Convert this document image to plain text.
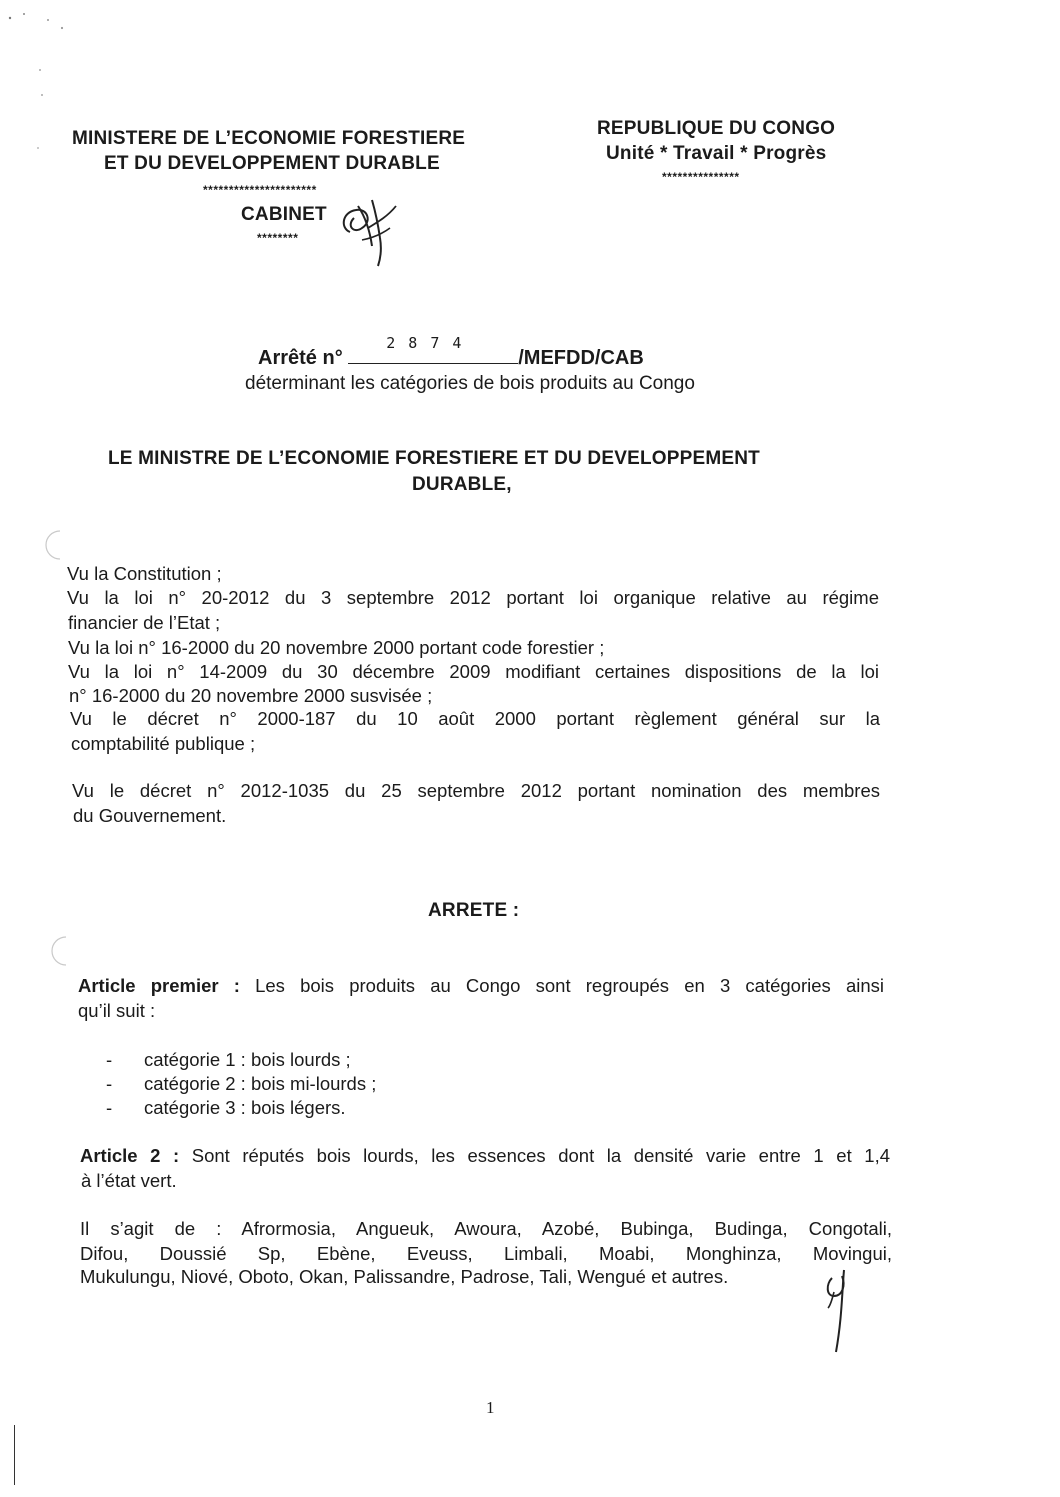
MINISTERE DE L’ECONOMIE FORESTIERE
ET DU DEVELOPPEMENT DURABLE
**********************
CABINET
********
REPUBLIQUE DU CONGO
Unité * Travail * Progrès
***************
Arrêté n°
2 8 7 4
/MEFDD/CAB
déterminant les catégories de bois produits au Congo
LE MINISTRE DE L’ECONOMIE FORESTIERE ET DU DEVELOPPEMENT
DURABLE,
Vu la Constitution ;
Vu la loi n° 20-2012 du 3 septembre 2012 portant loi organique relative au régime
financier de l’Etat ;
Vu la loi n° 16-2000 du 20 novembre 2000 portant code forestier ;
Vu la loi n° 14-2009 du 30 décembre 2009 modifiant certaines dispositions de la loi
n° 16-2000 du 20 novembre 2000 susvisée ;
Vu le décret n° 2000-187 du 10 août 2000 portant règlement général sur la
comptabilité publique ;
Vu le décret n° 2012-1035 du 25 septembre 2012 portant nomination des membres
du Gouvernement.
ARRETE :
Article premier : Les bois produits au Congo sont regroupés en 3 catégories ainsi
qu’il suit :
- catégorie 1 : bois lourds ;
- catégorie 2 : bois mi-lourds ;
- catégorie 3 : bois légers.
Article 2 : Sont réputés bois lourds, les essences dont la densité varie entre 1 et 1,4
à l’état vert.
Il s’agit de : Afrormosia, Angueuk, Awoura, Azobé, Bubinga, Budinga, Congotali,
Difou, Doussié Sp, Ebène, Eveuss, Limbali, Moabi, Monghinza, Movingui,
Mukulungu, Niové, Oboto, Okan, Palissandre, Padrose, Tali, Wengué et autres.
1
